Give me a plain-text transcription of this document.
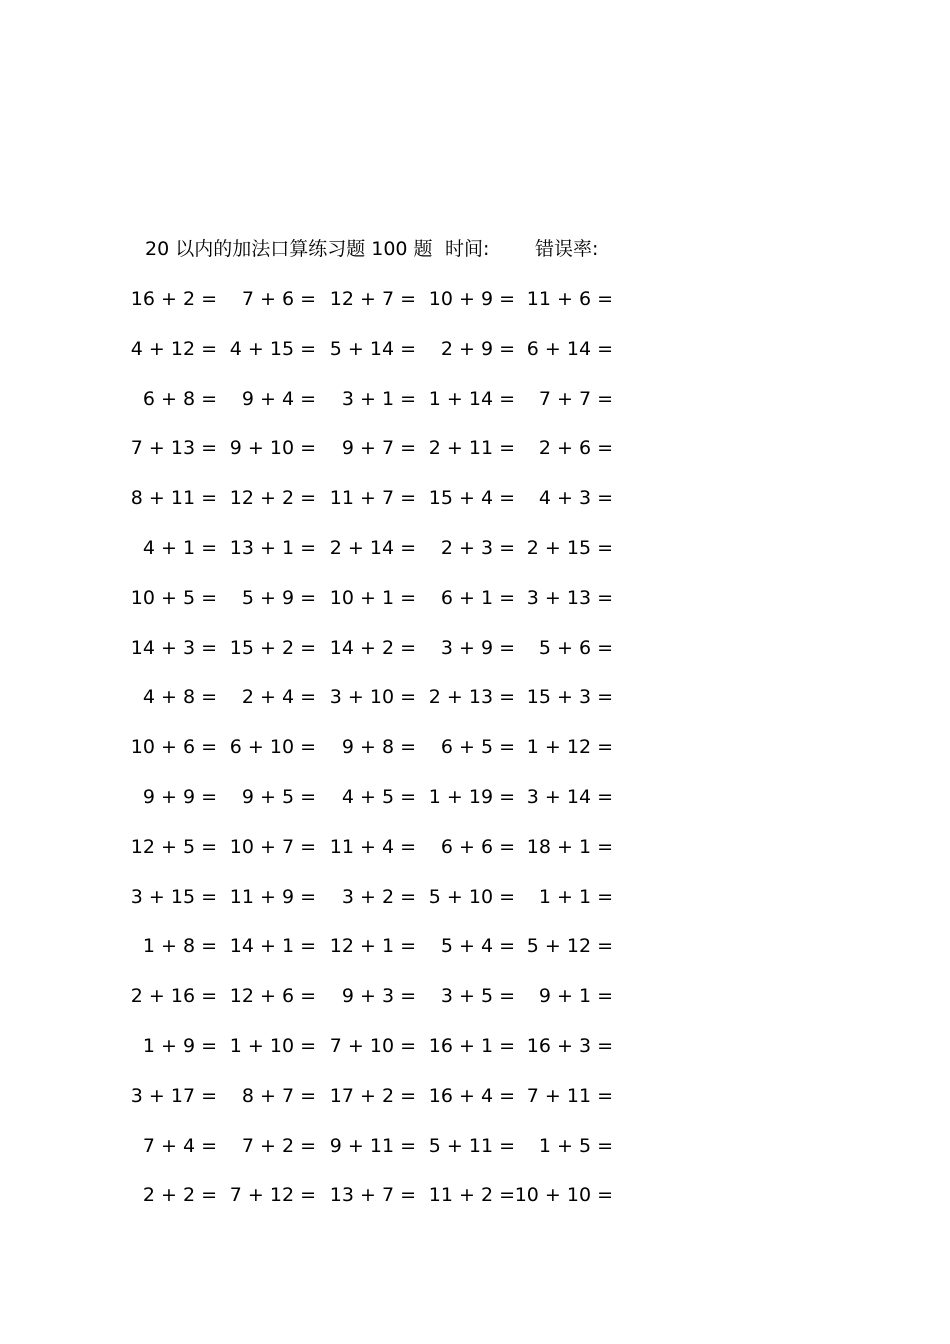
20 以内的加法口算练习题 100 题 时间: 错误率:
16 + 2 = 7 + 6 = 12 + 7 = 10 + 9 = 11 + 6 =
4 + 12 = 4 + 15 = 5 + 14 = 2 + 9 = 6 + 14 =
6 + 8 = 9 + 4 = 3 + 1 = 1 + 14 = 7 + 7 =
7 + 13 = 9 + 10 = 9 + 7 = 2 + 11 = 2 + 6 =
8 + 11 = 12 + 2 = 11 + 7 = 15 + 4 = 4 + 3 =
4 + 1 = 13 + 1 = 2 + 14 = 2 + 3 = 2 + 15 =
10 + 5 = 5 + 9 = 10 + 1 = 6 + 1 = 3 + 13 =
14 + 3 = 15 + 2 = 14 + 2 = 3 + 9 = 5 + 6 =
4 + 8 = 2 + 4 = 3 + 10 = 2 + 13 = 15 + 3 =
10 + 6 = 6 + 10 = 9 + 8 = 6 + 5 = 1 + 12 =
9 + 9 = 9 + 5 = 4 + 5 = 1 + 19 = 3 + 14 =
12 + 5 = 10 + 7 = 11 + 4 = 6 + 6 = 18 + 1 =
3 + 15 = 11 + 9 = 3 + 2 = 5 + 10 = 1 + 1 =
1 + 8 = 14 + 1 = 12 + 1 = 5 + 4 = 5 + 12 =
2 + 16 = 12 + 6 = 9 + 3 = 3 + 5 = 9 + 1 =
1 + 9 = 1 + 10 = 7 + 10 = 16 + 1 = 16 + 3 =
3 + 17 = 8 + 7 = 17 + 2 = 16 + 4 = 7 + 11 =
7 + 4 = 7 + 2 = 9 + 11 = 5 + 11 = 1 + 5 =
2 + 2 = 7 + 12 = 13 + 7 = 11 + 2 = 10 + 10 =
